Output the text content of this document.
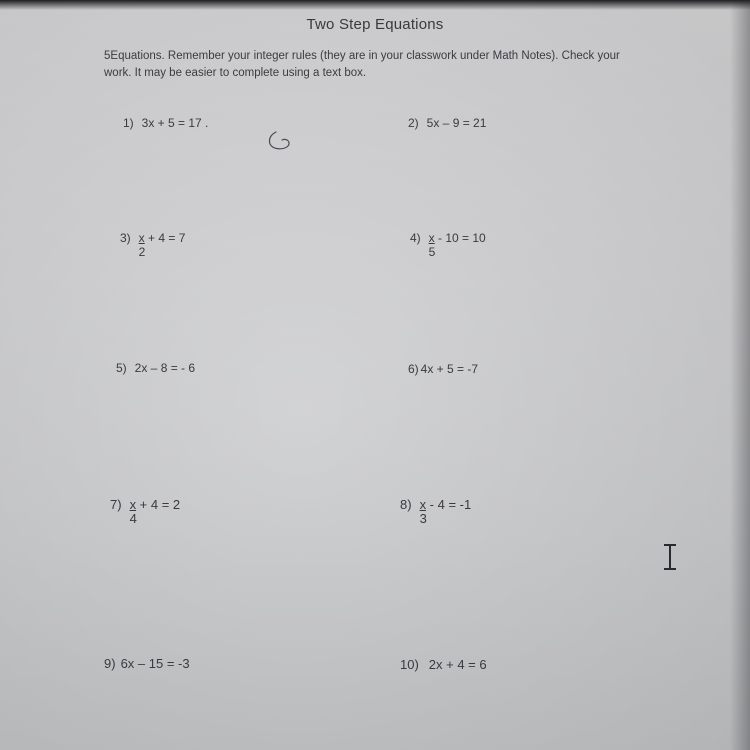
Two Step Equations
5Equations. Remember your integer rules (they are in your classwork under Math Notes). Check your work. It may be easier to complete using a text box.
1) 3x + 5 = 17 .	2) 5x – 9 = 21
$3) \frac{x}{2} + 4 = 7$	$4) \frac{x}{5} - 10 = 10$
5) 2x – 8 = - 6	6) 4x + 5 = -7
$7) \frac{x}{4} + 4 = 2$	$8) \frac{x}{3} - 4 = -1$
9) 6x – 15 = -3	10) 2x + 4 = 6
